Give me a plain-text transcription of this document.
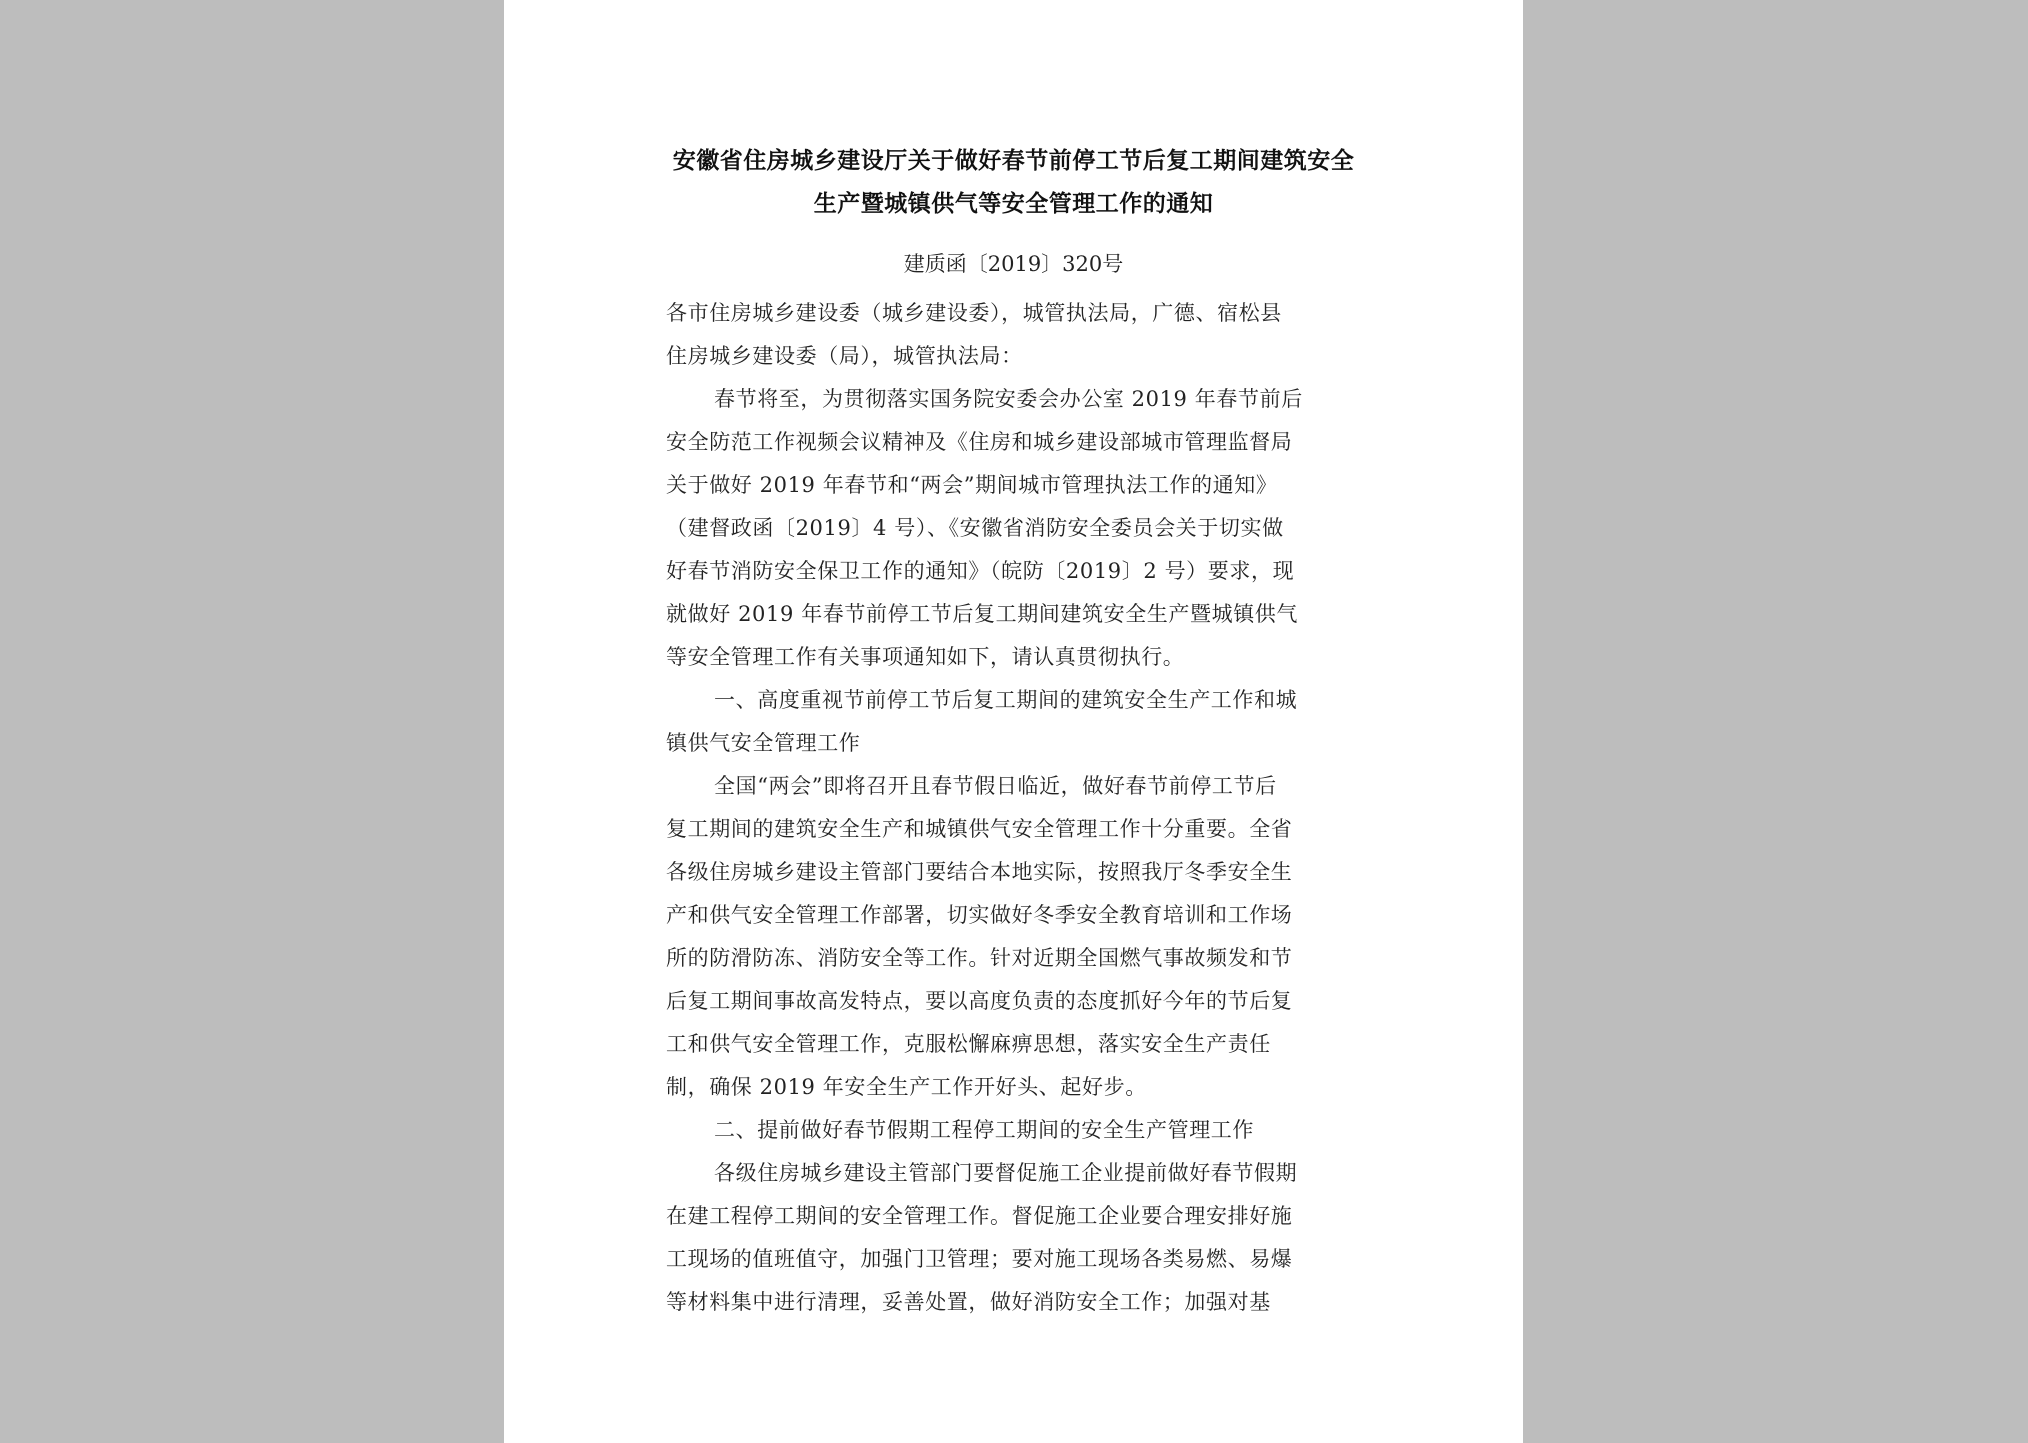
安徽省住房城乡建设厅关于做好春节前停工节后复工期间建筑安全
生产暨城镇供气等安全管理工作的通知
建质函〔2019〕320号
各市住房城乡建设委（城乡建设委），城管执法局，广德、宿松县
住房城乡建设委（局），城管执法局：
春节将至，为贯彻落实国务院安委会办公室 2019 年春节前后
安全防范工作视频会议精神及《住房和城乡建设部城市管理监督局
关于做好 2019 年春节和“两会”期间城市管理执法工作的通知》
（建督政函〔2019〕4 号）、《安徽省消防安全委员会关于切实做
好春节消防安全保卫工作的通知》（皖防〔2019〕2 号）要求，现
就做好 2019 年春节前停工节后复工期间建筑安全生产暨城镇供气
等安全管理工作有关事项通知如下，请认真贯彻执行。
一、高度重视节前停工节后复工期间的建筑安全生产工作和城
镇供气安全管理工作
全国“两会”即将召开且春节假日临近，做好春节前停工节后
复工期间的建筑安全生产和城镇供气安全管理工作十分重要。全省
各级住房城乡建设主管部门要结合本地实际，按照我厅冬季安全生
产和供气安全管理工作部署，切实做好冬季安全教育培训和工作场
所的防滑防冻、消防安全等工作。针对近期全国燃气事故频发和节
后复工期间事故高发特点，要以高度负责的态度抓好今年的节后复
工和供气安全管理工作，克服松懈麻痹思想，落实安全生产责任
制，确保 2019 年安全生产工作开好头、起好步。
二、提前做好春节假期工程停工期间的安全生产管理工作
各级住房城乡建设主管部门要督促施工企业提前做好春节假期
在建工程停工期间的安全管理工作。督促施工企业要合理安排好施
工现场的值班值守，加强门卫管理；要对施工现场各类易燃、易爆
等材料集中进行清理，妥善处置，做好消防安全工作；加强对基
